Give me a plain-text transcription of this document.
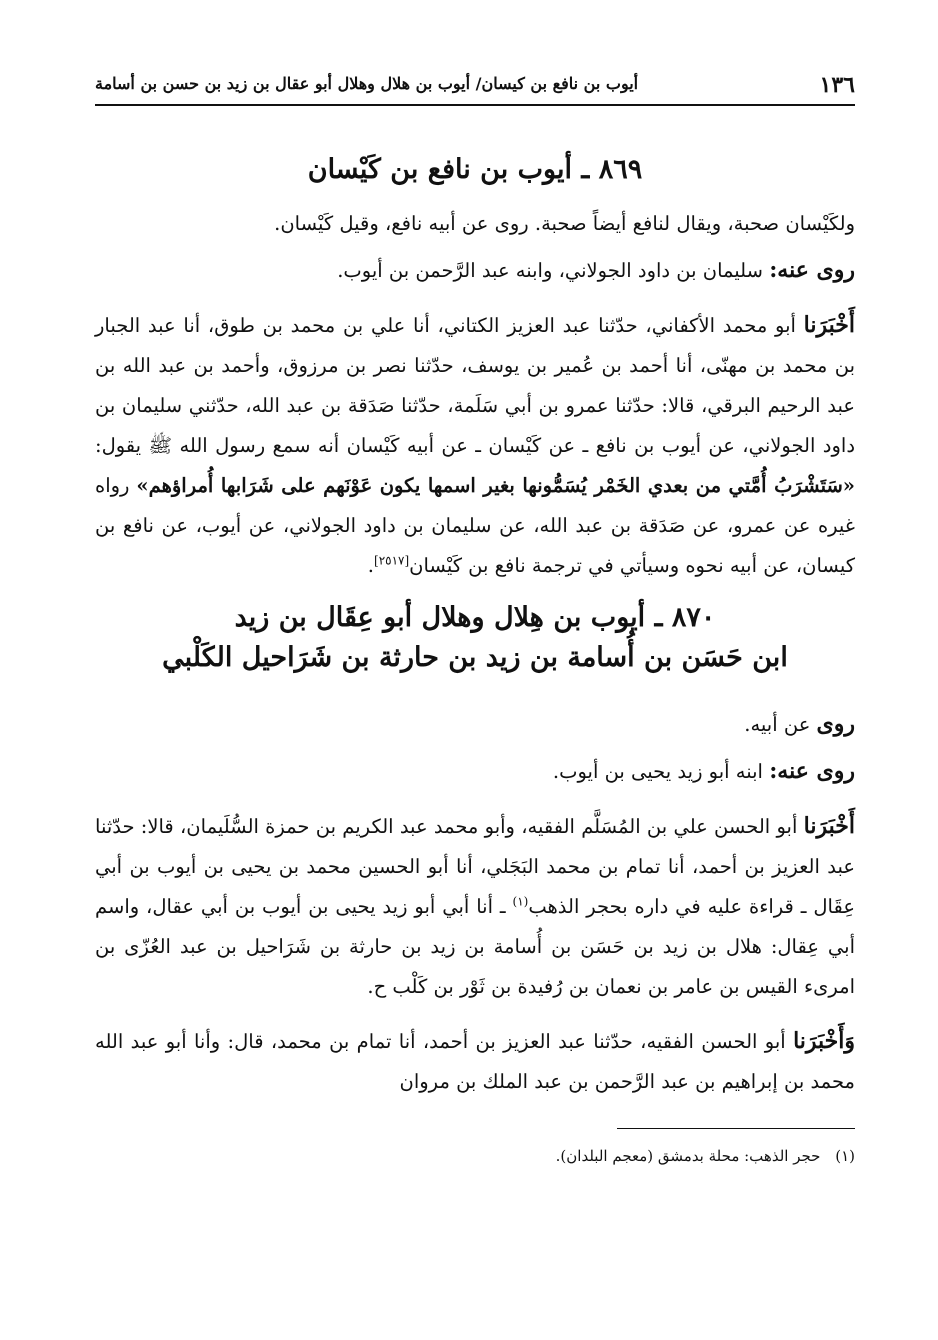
١٣٦
أيوب بن نافع بن كيسان/ أيوب بن هلال وهلال أبو عقال بن زيد بن حسن بن أسامة
٨٦٩ ـ أيوب بن نافع بن كَيْسان

ولكَيْسان صحبة، ويقال لنافع أيضاً صحبة. روى عن أبيه نافع، وقيل كَيْسان.

روى عنه: سليمان بن داود الجولاني، وابنه عبد الرَّحمن بن أيوب.

أَخْبَرَنا أبو محمد الأكفاني، حدّثنا عبد العزيز الكتاني، أنا علي بن محمد بن طوق، أنا عبد الجبار بن محمد بن مهنّى، أنا أحمد بن عُمير بن يوسف، حدّثنا نصر بن مرزوق، وأحمد بن عبد الله بن عبد الرحيم البرقي، قالا: حدّثنا عمرو بن أبي سَلَمة، حدّثنا صَدَقة بن عبد الله، حدّثني سليمان بن داود الجولاني، عن أيوب بن نافع ـ عن كَيْسان ـ عن أبيه كَيْسان أنه سمع رسول الله ﷺ يقول: «سَتَشْرَبُ أُمَّتي من بعدي الخَمْر يُسَمُّونها بغير اسمها يكون عَوْنَهم على شَرَابها أُمراؤهم» رواه غيره عن عمرو، عن صَدَقة بن عبد الله، عن سليمان بن داود الجولاني، عن أيوب، عن نافع بن كيسان، عن أبيه نحوه وسيأتي في ترجمة نافع بن كَيْسان[٢٥١٧].

٨٧٠ ـ أيوب بن هِلال وهلال أبو عِقَال بن زيد
ابن حَسَن بن أُسامة بن زيد بن حارثة بن شَرَاحيل الكَلْبي

روى عن أبيه.

روى عنه: ابنه أبو زيد يحيى بن أيوب.

أَخْبَرَنا أبو الحسن علي بن المُسَلَّم الفقيه، وأبو محمد عبد الكريم بن حمزة السُّلَيمان، قالا: حدّثنا عبد العزيز بن أحمد، أنا تمام بن محمد البَجَلي، أنا أبو الحسين محمد بن يحيى بن أيوب بن أبي عِقَال ـ قراءة عليه في داره بحجر الذهب$^{(١)}$ ـ أنا أبي أبو زيد يحيى بن أيوب بن أبي عقال، واسم أبي عِقال: هلال بن زيد بن حَسَن بن أُسامة بن زيد بن حارثة بن شَرَاحيل بن عبد العُزّى بن امرىء القيس بن عامر بن نعمان بن رُفيدة بن ثَوْر بن كَلْب ح.

وَأَخْبَرَنا أبو الحسن الفقيه، حدّثنا عبد العزيز بن أحمد، أنا تمام بن محمد، قال: وأنا أبو عبد الله محمد بن إبراهيم بن عبد الرَّحمن بن عبد الملك بن مروان

(١) حجر الذهب: محلة بدمشق (معجم البلدان).
